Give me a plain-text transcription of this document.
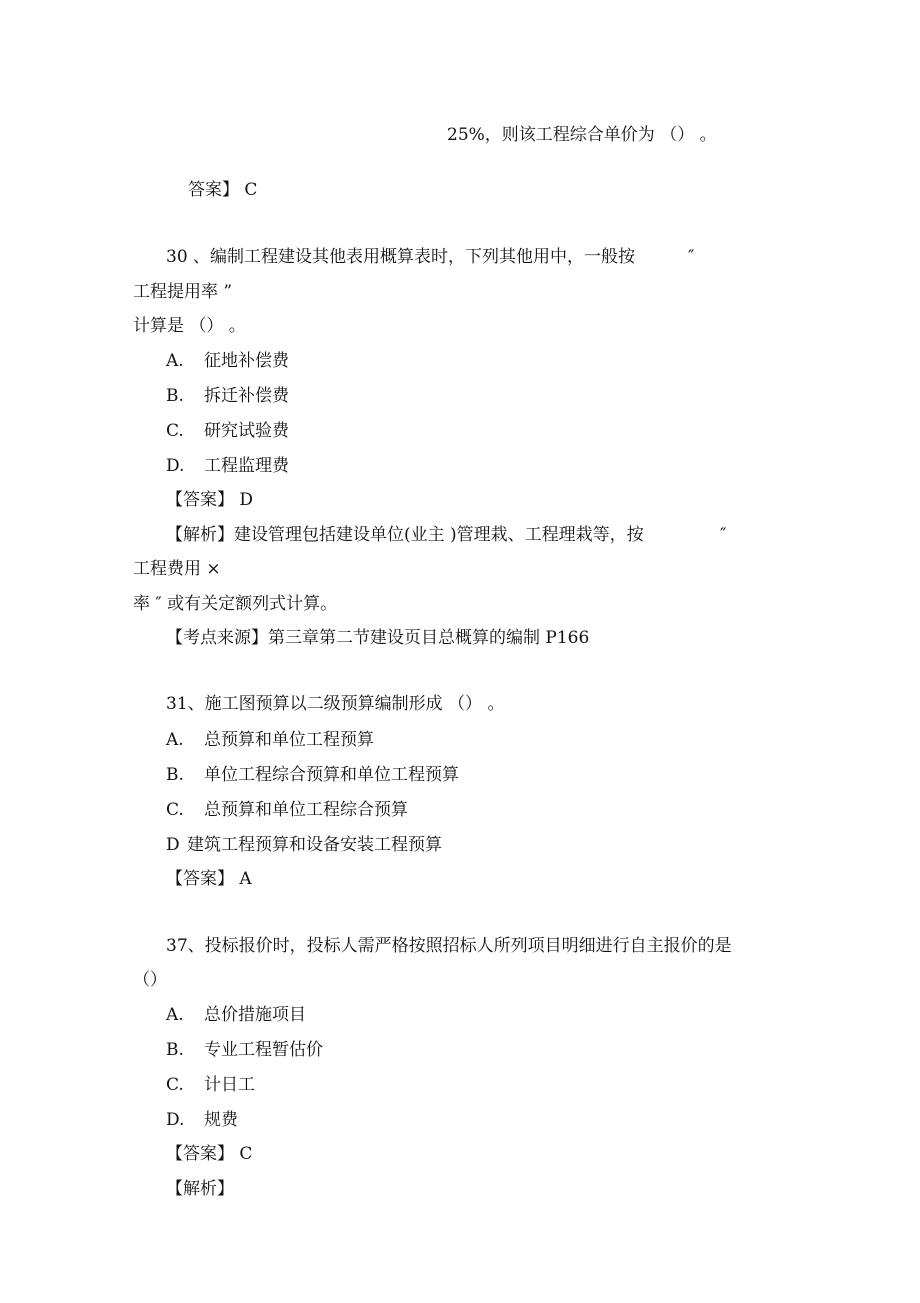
25%，则该工程综合单价为 （） 。
答案】 C
30 、编制工程建设其他表用概算表时，下列其他用中，一般按	″
工程提用率 ”
计算是 （） 。
A. 征地补偿费
B. 拆迁补偿费
C. 研究试验费
D. 工程监理费
【答案】 D
【解析】建设管理包括建设单位(业主 )管理栽、工程理栽等，按	″
工程费用 ×
率 ″ 或有关定额列式计算。
【考点来源】第三章第二节建设页目总概算的编制 P166
31、施工图预算以二级预算编制形成 （） 。
A. 总预算和单位工程预算
B. 单位工程综合预算和单位工程预算
C. 总预算和单位工程综合预算
D 建筑工程预算和设备安装工程预算
【答案】 A
37、投标报价时，投标人需严格按照招标人所列项目明细进行自主报价的是
（）
A. 总价措施项目
B. 专业工程暂估价
C. 计日工
D. 规费
【答案】 C
【解析】
